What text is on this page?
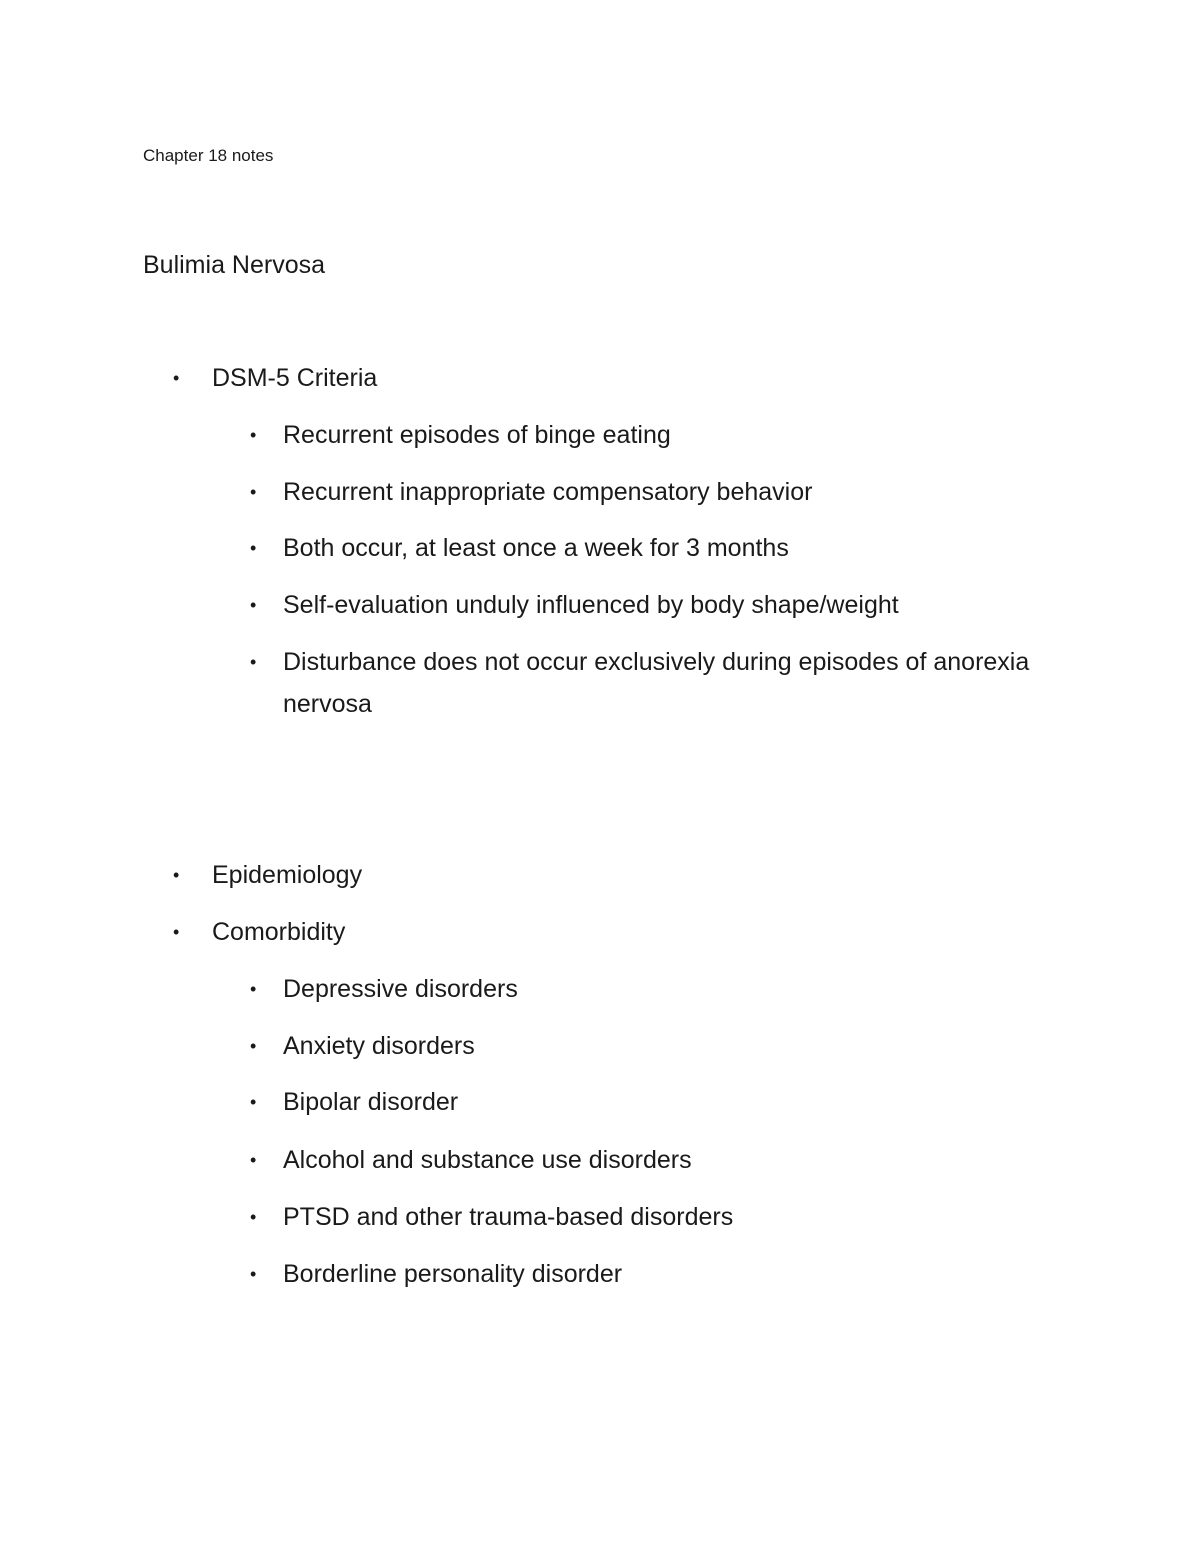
Chapter 18 notes
Bulimia Nervosa
• DSM-5 Criteria
• Recurrent episodes of binge eating
• Recurrent inappropriate compensatory behavior
• Both occur, at least once a week for 3 months
• Self-evaluation unduly influenced by body shape/weight
• Disturbance does not occur exclusively during episodes of anorexia nervosa
• Epidemiology
• Comorbidity
• Depressive disorders
• Anxiety disorders
• Bipolar disorder
• Alcohol and substance use disorders
• PTSD and other trauma-based disorders
• Borderline personality disorder
